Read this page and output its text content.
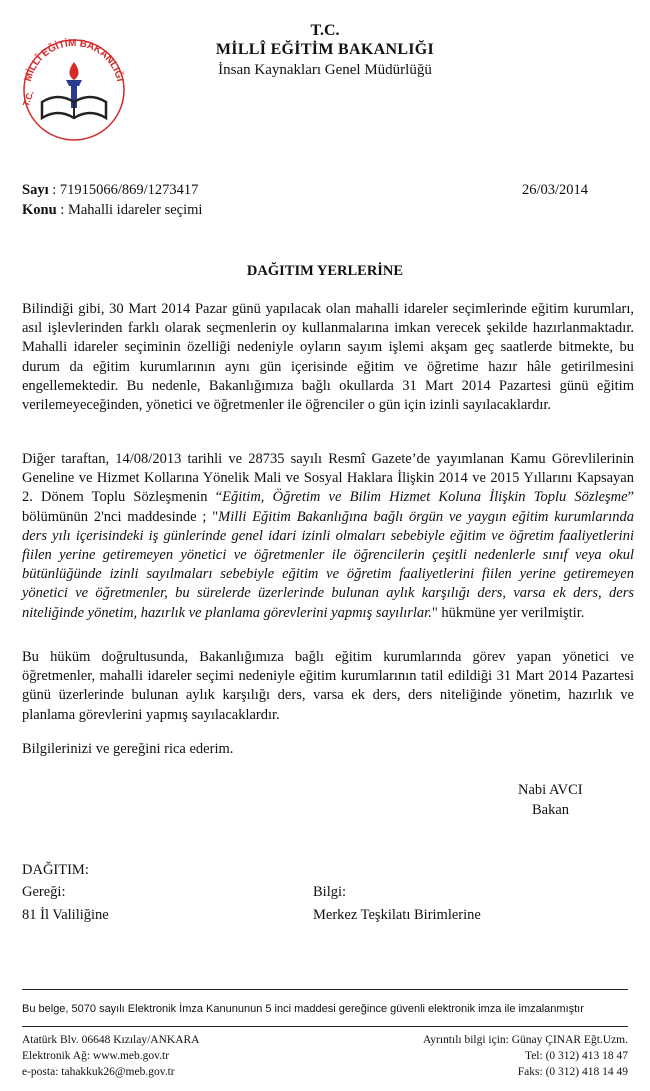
MİLLÎ EĞİTİM BAKANLIĞI
T.C.
T.C.
MİLLÎ EĞİTİM BAKANLIĞI
İnsan Kaynakları Genel Müdürlüğü
Sayı : 71915066/869/1273417
Konu : Mahalli idareler seçimi
26/03/2014
DAĞITIM YERLERİNE
Bilindiği gibi, 30 Mart 2014 Pazar günü yapılacak olan mahalli idareler seçimlerinde eğitim kurumları, asıl işlevlerinden farklı olarak seçmenlerin oy kullanmalarına imkan verecek şekilde hazırlanmaktadır. Mahalli idareler seçiminin özelliği nedeniyle oyların sayım işlemi akşam geç saatlerde bitmekte, bu durum da eğitim kurumlarının aynı gün içerisinde eğitim ve öğretime hazır hâle getirilmesini engellemektedir. Bu nedenle, Bakanlığımıza bağlı okullarda 31 Mart 2014 Pazartesi günü eğitim verilemeyeceğinden, yönetici ve öğretmenler ile öğrenciler o gün için izinli sayılacaklardır.
Diğer taraftan, 14/08/2013 tarihli ve 28735 sayılı Resmî Gazete’de yayımlanan Kamu Görevlilerinin Geneline ve Hizmet Kollarına Yönelik Mali ve Sosyal Haklara İlişkin 2014 ve 2015 Yıllarını Kapsayan 2. Dönem Toplu Sözleşmenin “Eğitim, Öğretim ve Bilim Hizmet Koluna İlişkin Toplu Sözleşme” bölümünün 2'nci maddesinde ; "Milli Eğitim Bakanlığına bağlı örgün ve yaygın eğitim kurumlarında ders yılı içerisindeki iş günlerinde genel idari izinli olmaları sebebiyle eğitim ve öğretim faaliyetlerini fiilen yerine getiremeyen yönetici ve öğretmenler ile öğrencilerin çeşitli nedenlerle sınıf veya okul bütünlüğünde izinli sayılmaları sebebiyle eğitim ve öğretim faaliyetlerini fiilen yerine getiremeyen yönetici ve öğretmenler, bu sürelerde üzerlerinde bulunan aylık karşılığı ders, varsa ek ders, ders niteliğinde yönetim, hazırlık ve planlama görevlerini yapmış sayılırlar." hükmüne yer verilmiştir.
Bu hüküm doğrultusunda, Bakanlığımıza bağlı eğitim kurumlarında görev yapan yönetici ve öğretmenler, mahalli idareler seçimi nedeniyle eğitim kurumlarının tatil edildiği 31 Mart 2014 Pazartesi günü üzerlerinde bulunan aylık karşılığı ders, varsa ek ders, ders niteliğinde yönetim, hazırlık ve planlama görevlerini yapmış sayılacaklardır.
Bilgilerinizi ve gereğini rica ederim.
Nabi AVCI
Bakan
DAĞITIM:
Gereği:
81 İl Valiliğine
Bilgi:
Merkez Teşkilatı Birimlerine
Bu belge, 5070 sayılı Elektronik İmza Kanununun 5 inci maddesi gereğince güvenli elektronik imza ile imzalanmıştır
Atatürk Blv. 06648 Kızılay/ANKARA
Elektronik Ağ: www.meb.gov.tr
e-posta: tahakkuk26@meb.gov.tr
Ayrıntılı bilgi için: Günay ÇINAR Eğt.Uzm.
Tel: (0 312) 413 18 47
Faks: (0 312) 418 14 49
